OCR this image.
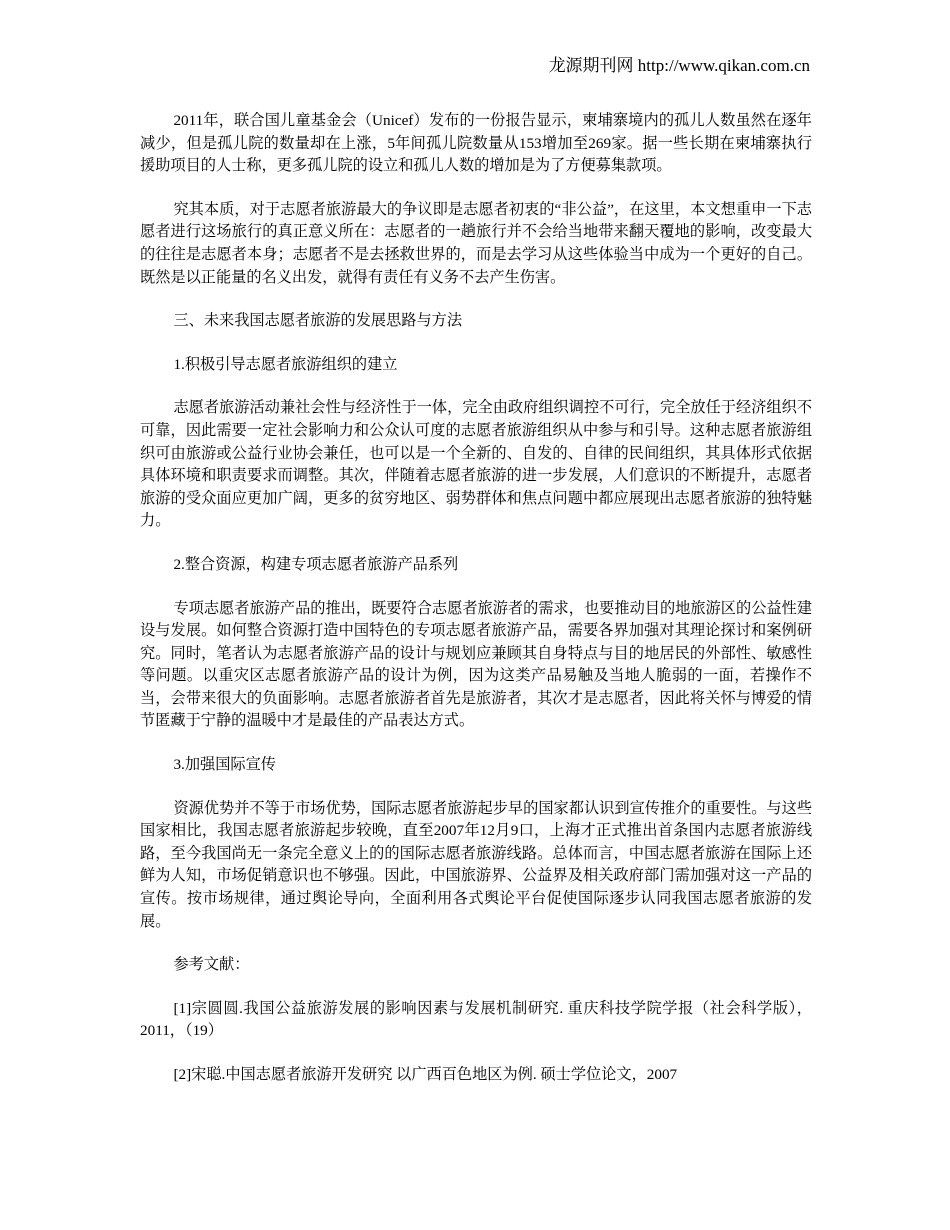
龙源期刊网 http://www.qikan.com.cn

2011年，联合国儿童基金会（Unicef）发布的一份报告显示，柬埔寨境内的孤儿人数虽然在逐年减少，但是孤儿院的数量却在上涨，5年间孤儿院数量从153增加至269家。据一些长期在柬埔寨执行援助项目的人士称，更多孤儿院的设立和孤儿人数的增加是为了方便募集款项。

究其本质，对于志愿者旅游最大的争议即是志愿者初衷的“非公益”，在这里，本文想重申一下志愿者进行这场旅行的真正意义所在：志愿者的一趟旅行并不会给当地带来翻天覆地的影响，改变最大的往往是志愿者本身；志愿者不是去拯救世界的，而是去学习从这些体验当中成为一个更好的自己。既然是以正能量的名义出发，就得有责任有义务不去产生伤害。

三、未来我国志愿者旅游的发展思路与方法

1.积极引导志愿者旅游组织的建立

志愿者旅游活动兼社会性与经济性于一体，完全由政府组织调控不可行，完全放任于经济组织不可靠，因此需要一定社会影响力和公众认可度的志愿者旅游组织从中参与和引导。这种志愿者旅游组织可由旅游或公益行业协会兼任，也可以是一个全新的、自发的、自律的民间组织，其具体形式依据具体环境和职责要求而调整。其次，伴随着志愿者旅游的进一步发展，人们意识的不断提升，志愿者旅游的受众面应更加广阔，更多的贫穷地区、弱势群体和焦点问题中都应展现出志愿者旅游的独特魅力。

2.整合资源，构建专项志愿者旅游产品系列

专项志愿者旅游产品的推出，既要符合志愿者旅游者的需求，也要推动目的地旅游区的公益性建设与发展。如何整合资源打造中国特色的专项志愿者旅游产品，需要各界加强对其理论探讨和案例研究。同时，笔者认为志愿者旅游产品的设计与规划应兼顾其自身特点与目的地居民的外部性、敏感性等问题。以重灾区志愿者旅游产品的设计为例，因为这类产品易触及当地人脆弱的一面，若操作不当，会带来很大的负面影响。志愿者旅游者首先是旅游者，其次才是志愿者，因此将关怀与博爱的情节匿藏于宁静的温暖中才是最佳的产品表达方式。

3.加强国际宣传

资源优势并不等于市场优势，国际志愿者旅游起步早的国家都认识到宣传推介的重要性。与这些国家相比，我国志愿者旅游起步较晚，直至2007年12月9口，上海才正式推出首条国内志愿者旅游线路，至今我国尚无一条完全意义上的的国际志愿者旅游线路。总体而言，中国志愿者旅游在国际上还鲜为人知，市场促销意识也不够强。因此，中国旅游界、公益界及相关政府部门需加强对这一产品的宣传。按市场规律，通过舆论导向，全面利用各式舆论平台促使国际逐步认同我国志愿者旅游的发展。

参考文献：

[1]宗圆圆.我国公益旅游发展的影响因素与发展机制研究. 重庆科技学院学报（社会科学版），2011，（19）

[2]宋聪.中国志愿者旅游开发研究 以广西百色地区为例. 硕士学位论文，2007
